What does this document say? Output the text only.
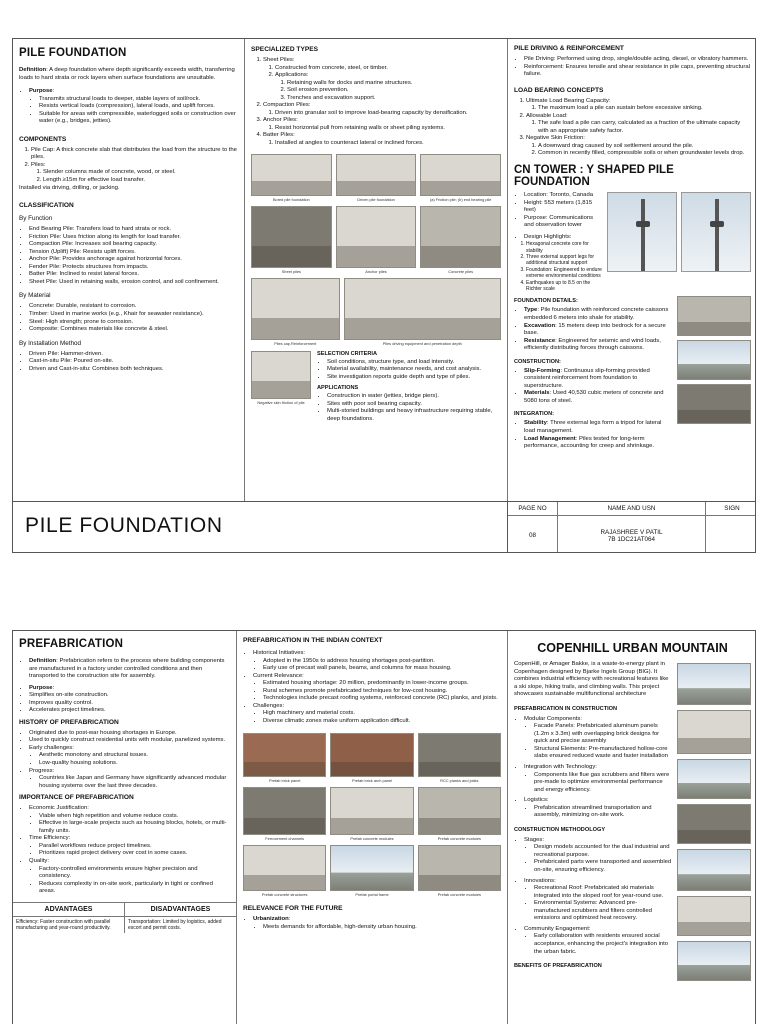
PILE FOUNDATION

Definition: A deep foundation where depth significantly exceeds width, transferring loads to hard strata or rock layers when surface foundations are unsuitable.

• Purpose:
• Transmits structural loads to deeper, stable layers of soil/rock.
• Resists vertical loads (compression), lateral loads, and uplift forces.
• Suitable for areas with compressible, waterlogged soils or construction over water (e.g., bridges, jetties).
COMPONENTS
1. Pile Cap: A thick concrete slab that distributes the load from the structure to the piles.
2. Piles:
1. Slender columns made of concrete, wood, or steel.
2. Length ≥15m for effective load transfer.

Installed via driving, drilling, or jacking.

CLASSIFICATION
By Function
• End Bearing Pile: Transfers load to hard strata or rock.
• Friction Pile: Uses friction along its length for load transfer.
• Compaction Pile: Increases soil bearing capacity.
• Tension (Uplift) Pile: Resists uplift forces.
• Anchor Pile: Provides anchorage against horizontal forces.
• Fender Pile: Protects structures from impacts.
• Batter Pile: Inclined to resist lateral forces.
• Sheet Pile: Used in retaining walls, erosion control, and soil confinement.
By Material
• Concrete: Durable, resistant to corrosion.
• Timber: Used in marine works (e.g., Khair for seawater resistance).
• Steel: High strength; prone to corrosion.
• Composite: Combines materials like concrete & steel.
By Installation Method
• Driven Pile: Hammer-driven.
• Cast-in-situ Pile: Poured on-site.
• Driven and Cast-in-situ: Combines both techniques.
SPECIALIZED TYPES
1. Sheet Piles:
1. Constructed from concrete, steel, or timber.
2. Applications:
1. Retaining walls for docks and marine structures.
2. Soil erosion prevention.
3. Trenches and excavation support.
2. Compaction Piles:
1. Driven into granular soil to improve load-bearing capacity by densification.
3. Anchor Piles:
1. Resist horizontal pull from retaining walls or sheet piling systems.
4. Batter Piles:
1. Installed at angles to counteract lateral or inclined forces.
Bored pile foundation	Driven pile foundation	(a) Friction pile; (b) end bearing pile
Sheet piles	Anchor piles	Concrete piles
Piles cap.Reinforcement	Piles driving equipment and penetration depth
Negative skin friction of pile
SELECTION CRITERIA
• Soil conditions, structure type, and load intensity.
• Material availability, maintenance needs, and cost analysis.
• Site investigation reports guide depth and type of piles.
APPLICATIONS
• Construction in water (jetties, bridge piers).
• Sites with poor soil bearing capacity.
• Multi-storied buildings and heavy infrastructure requiring stable, deep foundations.
PILE DRIVING & REINFORCEMENT
• Pile Driving: Performed using drop, single/double acting, diesel, or vibratory hammers.
• Reinforcement: Ensures tensile and shear resistance in pile caps, preventing structural failure.
LOAD BEARING CONCEPTS
1. Ultimate Load Bearing Capacity:
1. The maximum load a pile can sustain before excessive sinking.
2. Allowable Load:
1. The safe load a pile can carry, calculated as a fraction of the ultimate capacity with an appropriate safety factor.
3. Negative Skin Friction:
1. A downward drag caused by soil settlement around the pile.
2. Common in recently filled, compressible soils or when groundwater levels drop.
CN TOWER : Y SHAPED PILE FOUNDATION
• Location: Toronto, Canada
• Height: 553 meters (1,815 feet)
• Purpose: Communications and observation tower
• Design Highlights:
1. Hexagonal concrete core for stability
2. Three external support legs for additional structural support
3. Foundation: Engineered to endure extreme environmental conditions
4. Earthquakes up to 8.5 on the Richter scale
FOUNDATION DETAILS:
• Type: Pile foundation with reinforced concrete caissons embedded 6 meters into shale for stability.
• Excavation: 15 meters deep into bedrock for a secure base.
• Resistance: Engineered for seismic and wind loads, efficiently distributing forces through caissons.
CONSTRUCTION:
• Slip-Forming: Continuous slip-forming provided consistent reinforcement from foundation to superstructure.
• Materials: Used 40,530 cubic meters of concrete and 5080 tons of steel.
INTEGRATION:
• Stability: Three external legs form a tripod for lateral load management.
• Load Management: Piles tested for long-term performance, accounting for creep and shrinkage.
PILE FOUNDATION
PAGE NO	NAME AND USN	SIGN
08	RAJASHREE V PATIL
7B 1DC21AT064
PREFABRICATION
• Definition: Prefabrication refers to the process where building components are manufactured in a factory under controlled conditions and then transported to the construction site for assembly.
• Purpose:
• Simplifies on-site construction.
• Improves quality control.
• Accelerates project timelines.
HISTORY OF PREFABRICATION
• Originated due to post-war housing shortages in Europe.
• Used to quickly construct residential units with modular, panelized systems.
• Early challenges:
• Aesthetic monotony and structural issues.
• Low-quality housing solutions.
• Progress:
• Countries like Japan and Germany have significantly advanced modular housing systems over the last three decades.
IMPORTANCE OF PREFABRICATION
• Economic Justification:
• Viable when high repetition and volume reduce costs.
• Effective in large-scale projects such as housing blocks, hotels, or multi-family units.
• Time Efficiency:
• Parallel workflows reduce project timelines.
• Prioritizes rapid project delivery over cost in some cases.
• Quality:
• Factory-controlled environments ensure higher precision and consistency.
• Reduces complexity in on-site work, particularly in tight or confined areas.
ADVANTAGES
Efficiency: Faster construction with parallel manufacturing and year-round productivity.
DISADVANTAGES
Transportation: Limited by logistics, added escort and permit costs.
PREFABRICATION IN THE INDIAN CONTEXT
• Historical Initiatives:
• Adopted in the 1950s to address housing shortages post-partition.
• Early use of precast wall panels, beams, and columns for mass housing.
• Current Relevance:
• Estimated housing shortage: 20 million, predominantly in lower-income groups.
• Rural schemes promote prefabricated techniques for low-cost housing.
• Technologies include precast roofing systems, reinforced concrete (RC) planks, and joists.
• Challenges:
• High machinery and material costs.
• Diverse climatic zones make uniform application difficult.
Prefab brick panel	Prefab brick arch panel	RCC planks and joists
Ferrocement channels	Prefab concrete modules	Prefab concrete modules
Prefab concrete structures	Prefab portal frame	Prefab concrete modules
RELEVANCE FOR THE FUTURE
• Urbanization:
• Meets demands for affordable, high-density urban housing.
COPENHILL URBAN MOUNTAIN

CopenHill, or Amager Bakke, is a waste-to-energy plant in Copenhagen designed by Bjarke Ingels Group (BIG). It combines industrial efficiency with recreational features like a ski slope, hiking trails, and climbing walls. This project showcases sustainable multifunctional architecture

PREFABRICATION IN CONSTRUCTION
• Modular Components:
• Facade Panels: Prefabricated aluminum panels (1.2m x 3.3m) with overlapping brick designs for quick and precise assembly
• Structural Elements: Pre-manufactured hollow-core slabs ensured reduced waste and faster installation
• Integration with Technology:
• Components like flue gas scrubbers and filters were pre-made to optimize environmental performance and energy efficiency.
• Logistics:
• Prefabrication streamlined transportation and assembly, minimizing on-site work.
CONSTRUCTION METHODOLOGY
• Stages:
• Design models accounted for the dual industrial and recreational purpose.
• Prefabricated parts were transported and assembled on-site, ensuring efficiency.
• Innovations:
• Recreational Roof: Prefabricated ski materials integrated into the sloped roof for year-round use.
• Environmental Systems: Advanced pre-manufactured scrubbers and filters controlled emissions and optimized heat recovery.
• Community Engagement:
• Early collaboration with residents ensured social acceptance, enhancing the project's integration into the urban fabric.
BENEFITS OF PREFABRICATION
